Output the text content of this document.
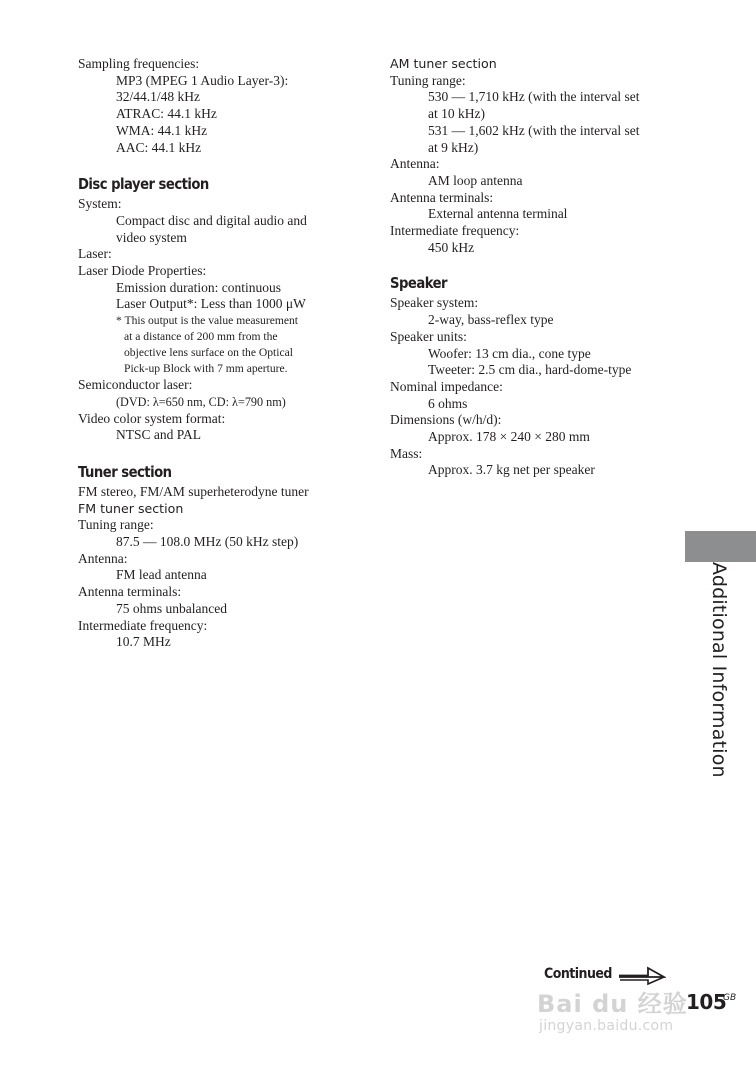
Sampling frequencies:
MP3 (MPEG 1 Audio Layer-3):
32/44.1/48 kHz
ATRAC: 44.1 kHz
WMA: 44.1 kHz
AAC: 44.1 kHz
Disc player section
System:
Compact disc and digital audio and
video system
Laser:
Laser Diode Properties:
Emission duration: continuous
Laser Output*: Less than 1000 μW
* This output is the value measurement
at a distance of 200 mm from the
objective lens surface on the Optical
Pick-up Block with 7 mm aperture.
Semiconductor laser:
(DVD: λ=650 nm, CD: λ=790 nm)
Video color system format:
NTSC and PAL
Tuner section
FM stereo, FM/AM superheterodyne tuner
FM tuner section
Tuning range:
87.5 — 108.0 MHz (50 kHz step)
Antenna:
FM lead antenna
Antenna terminals:
75 ohms unbalanced
Intermediate frequency:
10.7 MHz
AM tuner section
Tuning range:
530 — 1,710 kHz (with the interval set
at 10 kHz)
531 — 1,602 kHz (with the interval set
at 9 kHz)
Antenna:
AM loop antenna
Antenna terminals:
External antenna terminal
Intermediate frequency:
450 kHz
Speaker
Speaker system:
2-way, bass-reflex type
Speaker units:
Woofer: 13 cm dia., cone type
Tweeter: 2.5 cm dia., hard-dome-type
Nominal impedance:
6 ohms
Dimensions (w/h/d):
Approx. 178 × 240 × 280 mm
Mass:
Approx. 3.7 kg net per speaker
Additional Information
Continued
105
GB
Bai du 经验
jingyan.baidu.com
